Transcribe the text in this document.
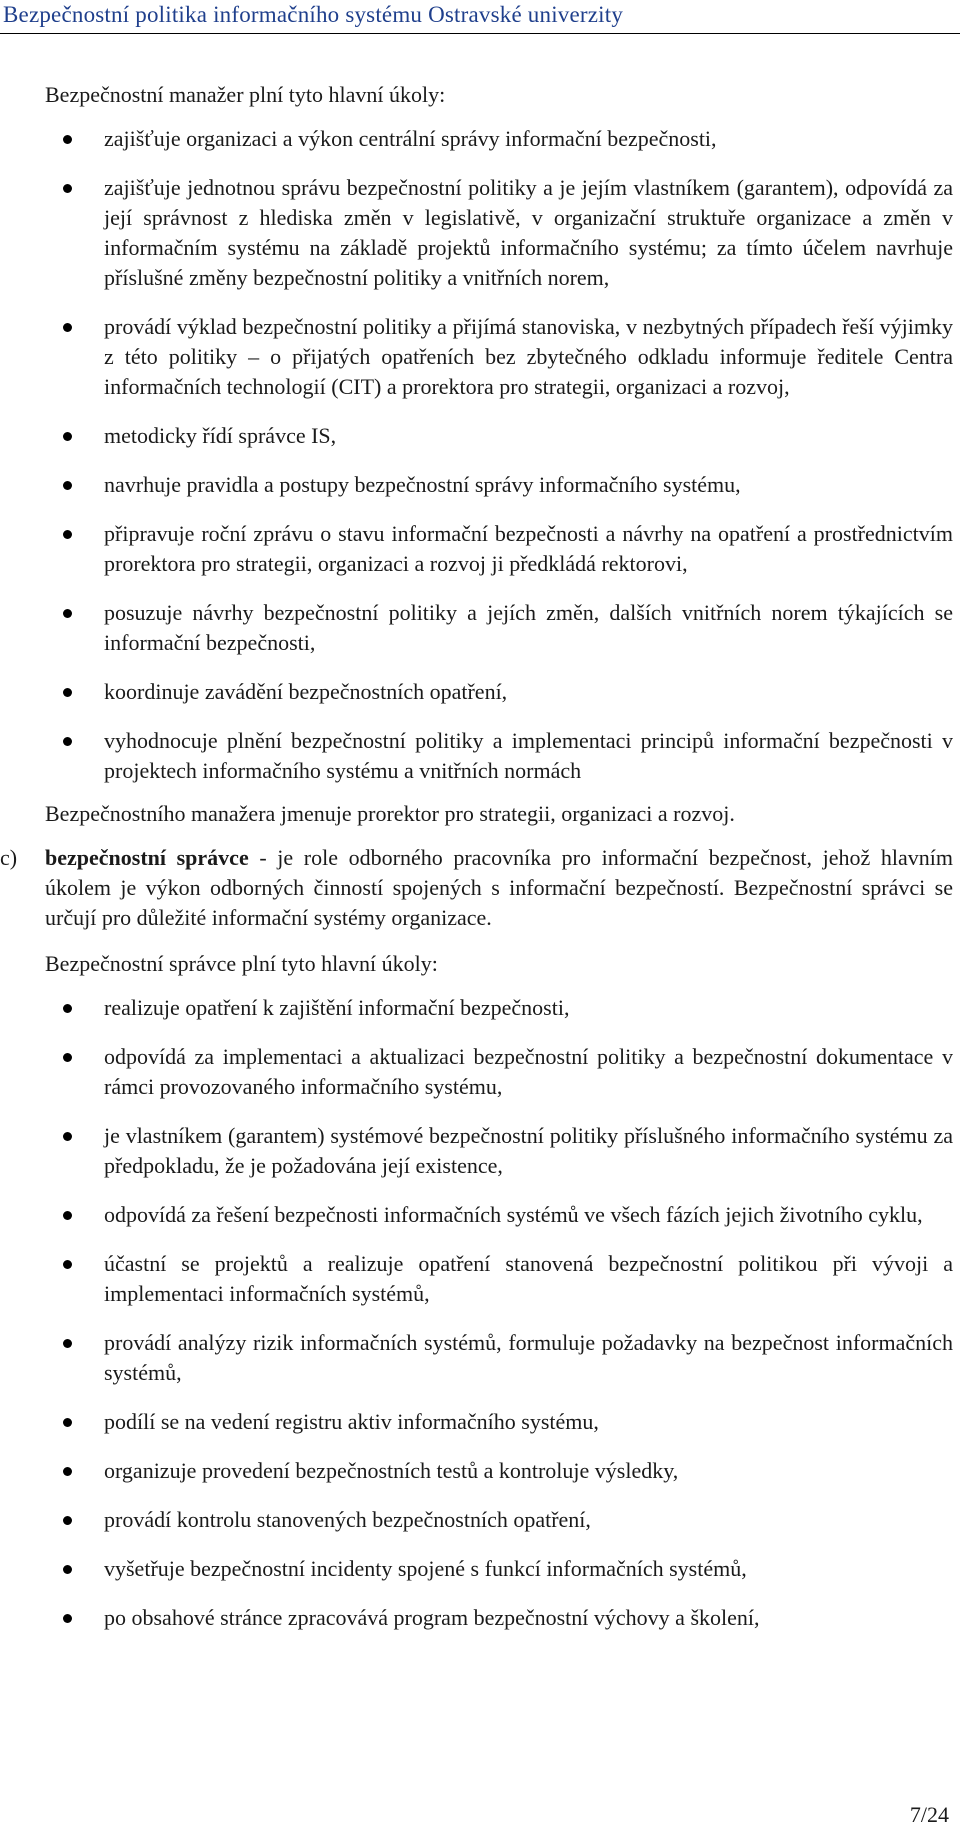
Bezpečnostní politika informačního systému Ostravské univerzity

Bezpečnostní manažer plní tyto hlavní úkoly:

zajišťuje organizaci a výkon centrální správy informační bezpečnosti,
zajišťuje jednotnou správu bezpečnostní politiky a je jejím vlastníkem (garantem), odpovídá za její správnost z hlediska změn v legislativě, v organizační struktuře organizace a změn v informačním systému na základě projektů informačního systému; za tímto účelem navrhuje příslušné změny bezpečnostní politiky a vnitřních norem,
provádí výklad bezpečnostní politiky a přijímá stanoviska, v nezbytných případech řeší výjimky z této politiky – o přijatých opatřeních bez zbytečného odkladu informuje ředitele Centra informačních technologií (CIT) a prorektora pro strategii, organizaci a rozvoj,
metodicky řídí správce IS,
navrhuje pravidla a postupy bezpečnostní správy informačního systému,
připravuje roční zprávu o stavu informační bezpečnosti a návrhy na opatření a prostřednictvím prorektora pro strategii, organizaci a rozvoj ji předkládá rektorovi,
posuzuje návrhy bezpečnostní politiky a jejích změn, dalších vnitřních norem týkajících se informační bezpečnosti,
koordinuje zavádění bezpečnostních opatření,
vyhodnocuje plnění bezpečnostní politiky a implementaci principů informační bezpečnosti v projektech informačního systému a vnitřních normách

Bezpečnostního manažera jmenuje prorektor pro strategii, organizaci a rozvoj.

c)	bezpečnostní správce - je role odborného pracovníka pro informační bezpečnost, jehož hlavním úkolem je výkon odborných činností spojených s informační bezpečností. Bezpečnostní správci se určují pro důležité informační systémy organizace.

Bezpečnostní správce plní tyto hlavní úkoly:

realizuje opatření k zajištění informační bezpečnosti,
odpovídá za implementaci a aktualizaci bezpečnostní politiky a bezpečnostní dokumentace v rámci provozovaného informačního systému,
je vlastníkem (garantem) systémové bezpečnostní politiky příslušného informačního systému za předpokladu, že je požadována její existence,
odpovídá za řešení bezpečnosti informačních systémů ve všech fázích jejich životního cyklu,
účastní se projektů a realizuje opatření stanovená bezpečnostní politikou při vývoji a implementaci informačních systémů,
provádí analýzy rizik informačních systémů, formuluje požadavky na bezpečnost informačních systémů,
podílí se na vedení registru aktiv informačního systému,
organizuje provedení bezpečnostních testů a kontroluje výsledky,
provádí kontrolu stanovených bezpečnostních opatření,
vyšetřuje bezpečnostní incidenty spojené s funkcí informačních systémů,
po obsahové stránce zpracovává program bezpečnostní výchovy a školení,
7/24
